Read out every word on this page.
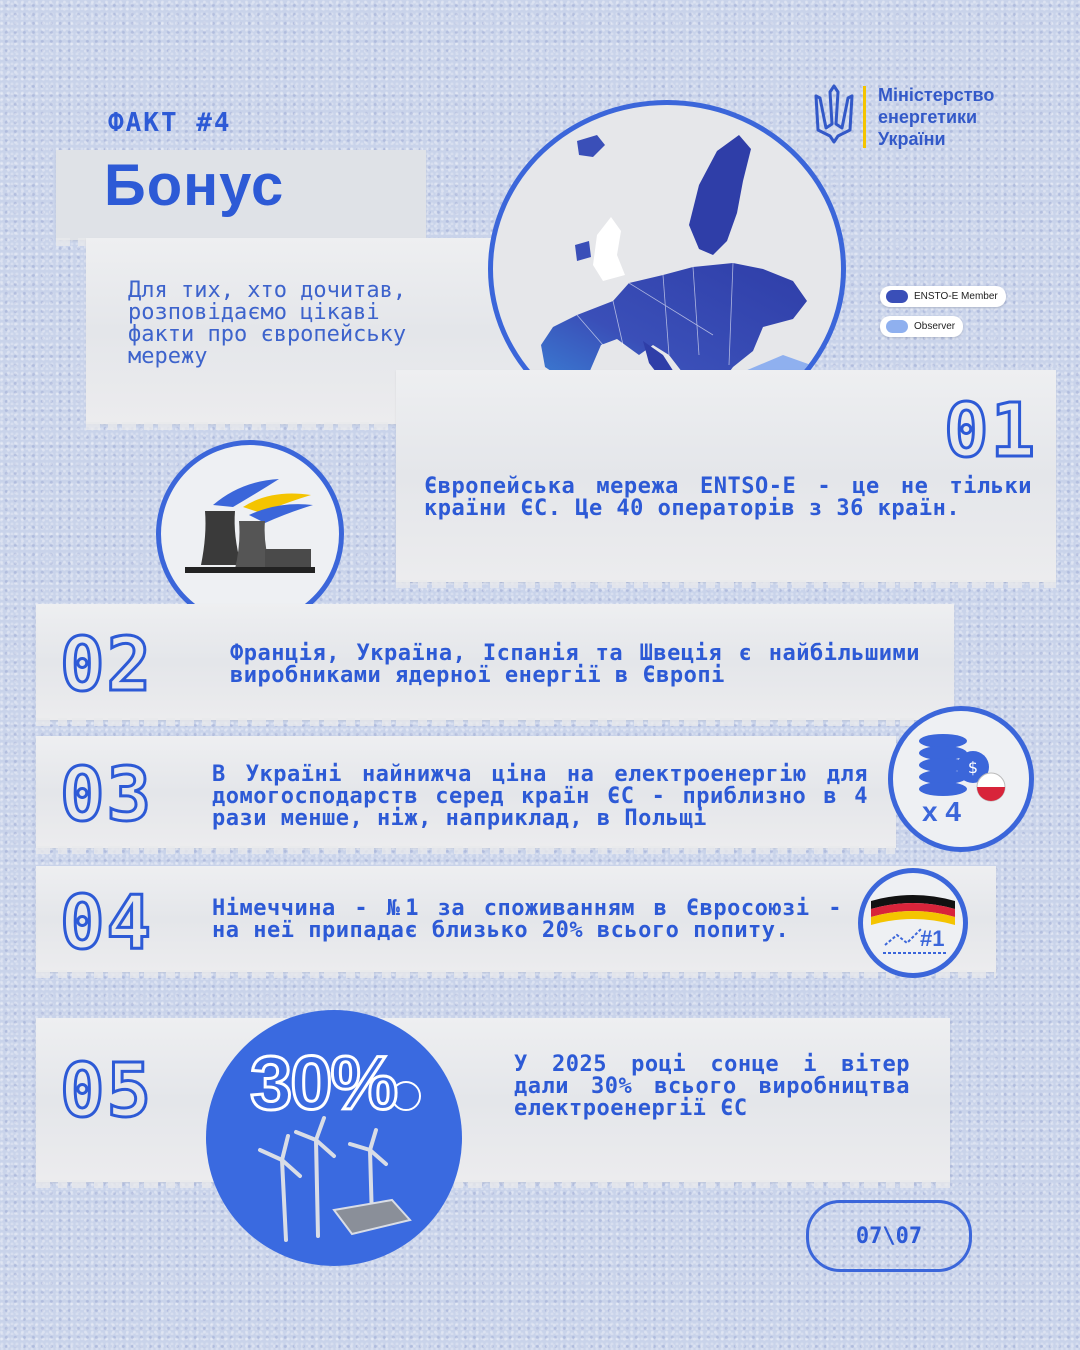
ФАКТ #4
Бонус
Для тих, хто дочитав, розповідаємо цікаві факти про європейську мережу
Міністерство
енергетики
України
ENSTO-E Member
Observer
01
Європейська мережа ENTSO-E - це не тільки країни ЄС. Це 40 операторів з 36 країн.
02	Франція, Україна, Іспанія та Швеція є найбільшими виробниками ядерної енергії в Європі
03	В Україні найнижча ціна на електроенергію для домогосподарств серед країн ЄС - приблизно в 4 рази менше, ніж, наприклад, в Польщі
$
x 4
04	Німеччина - №1 за споживанням в Євросоюзі - на неї припадає близько 20% всього попиту.	#1
05	У 2025 році сонце і вітер дали 30% всього виробництва електроенергії ЄС
30%
07\07
